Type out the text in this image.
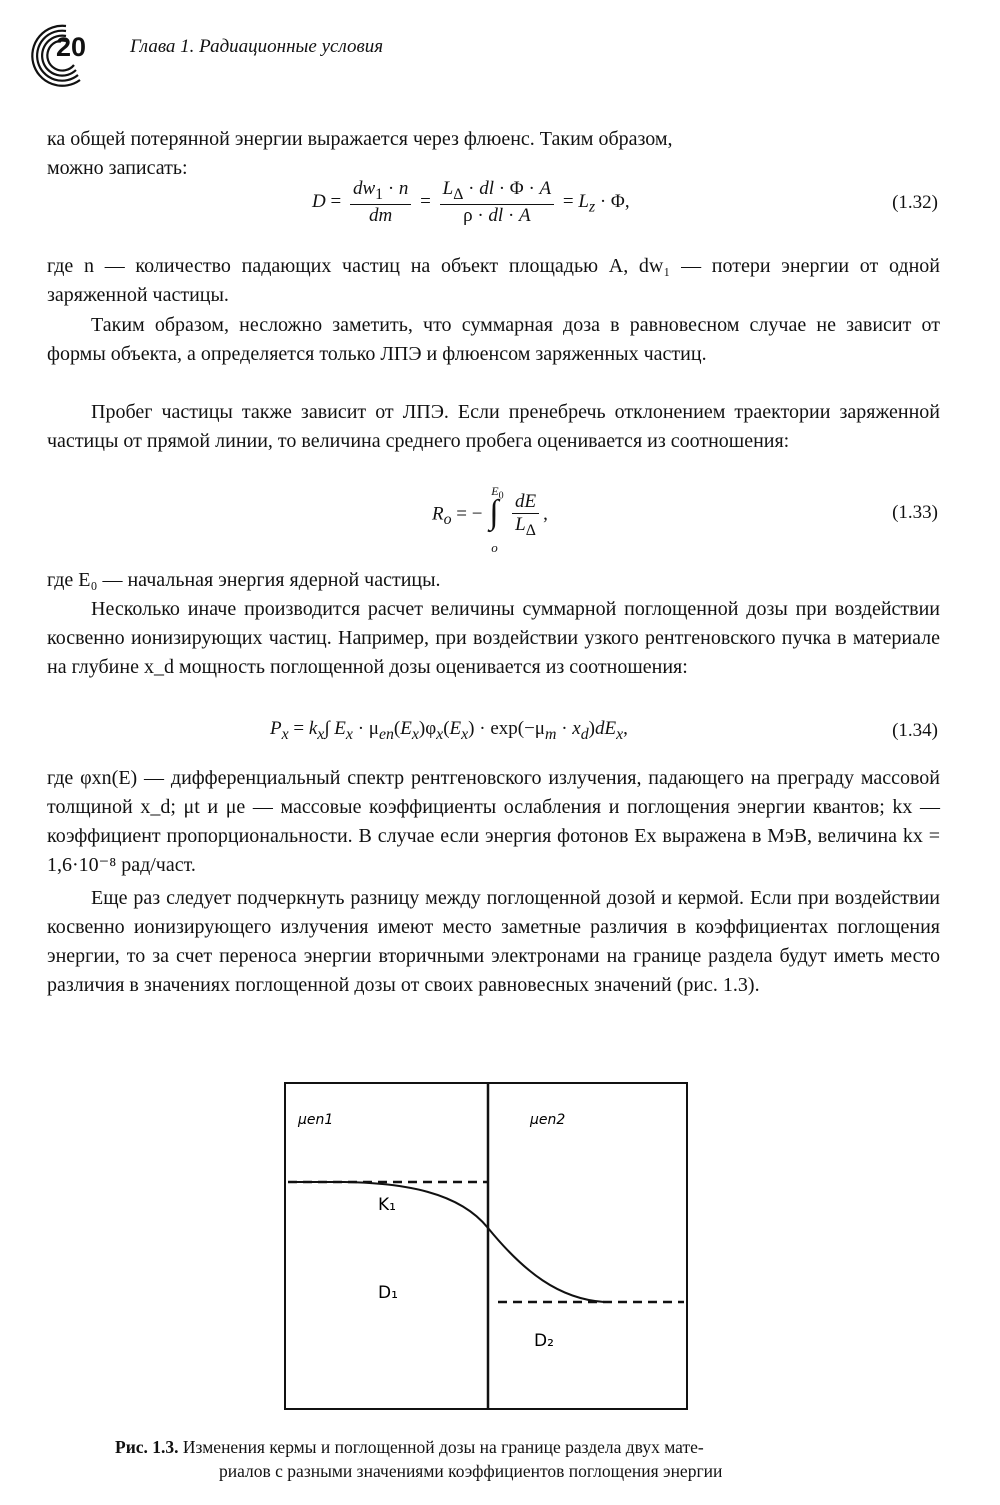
20 Глава 1. Радиационные условия

ка общей потерянной энергии выражается через флюенс. Таким образом,
можно записать:

$D = \frac{dw_1 \cdot n}{dm} = \frac{L_\Delta \cdot dl \cdot \Phi \cdot A}{\rho \cdot dl \cdot A} = L_z \cdot \Phi$,	(1.32)

где n — количество падающих частиц на объект площадью A, dw₁ — потери энергии от одной заряженной частицы.

Таким образом, несложно заметить, что суммарная доза в равновесном случае не зависит от формы объекта, а определяется только ЛПЭ и флюенсом заряженных частиц.

Пробег частицы также зависит от ЛПЭ. Если пренебречь отклонением траектории заряженной частицы от прямой линии, то величина среднего пробега оценивается из соотношения:

$R_o$ = −
$E_0$
∫
o

$\frac{dE}{L_\Delta}$ ,	(1.33)

где E₀ — начальная энергия ядерной частицы.

Несколько иначе производится расчет величины суммарной поглощенной дозы при воздействии косвенно ионизирующих частиц. Например, при воздействии узкого рентгеновского пучка в материале на глубине x_d мощность поглощенной дозы оценивается из соотношения:

$P_x = k_x\int$ $E_x \cdot \mu_{en}(E_x)\varphi_x(E_x) \cdot \exp(-\mu_m \cdot x_d)dE_x$,	(1.34)

где φxn(E) — дифференциальный спектр рентгеновского излучения, падающего на преграду массовой толщиной x_d; μt и μe — массовые коэффициенты ослабления и поглощения энергии квантов; kx — коэффициент пропорциональности. В случае если энергия фотонов Ex выражена в МэВ, величина kx = 1,6·10⁻⁸ рад/част.

Еще раз следует подчеркнуть разницу между поглощенной дозой и кермой. Если при воздействии косвенно ионизирующего излучения имеют место заметные различия в коэффициентах поглощения энергии, то за счет переноса энергии вторичными электронами на границе раздела будут иметь место различия в значениях поглощенной дозы от своих равновесных значений (рис. 1.3).

μen1	μen2
K₁
D₁
D₂
Рис. 1.3. Изменения кермы и поглощенной дозы на границе раздела двух мате-
риалов с разными значениями коэффициентов поглощения энергии
